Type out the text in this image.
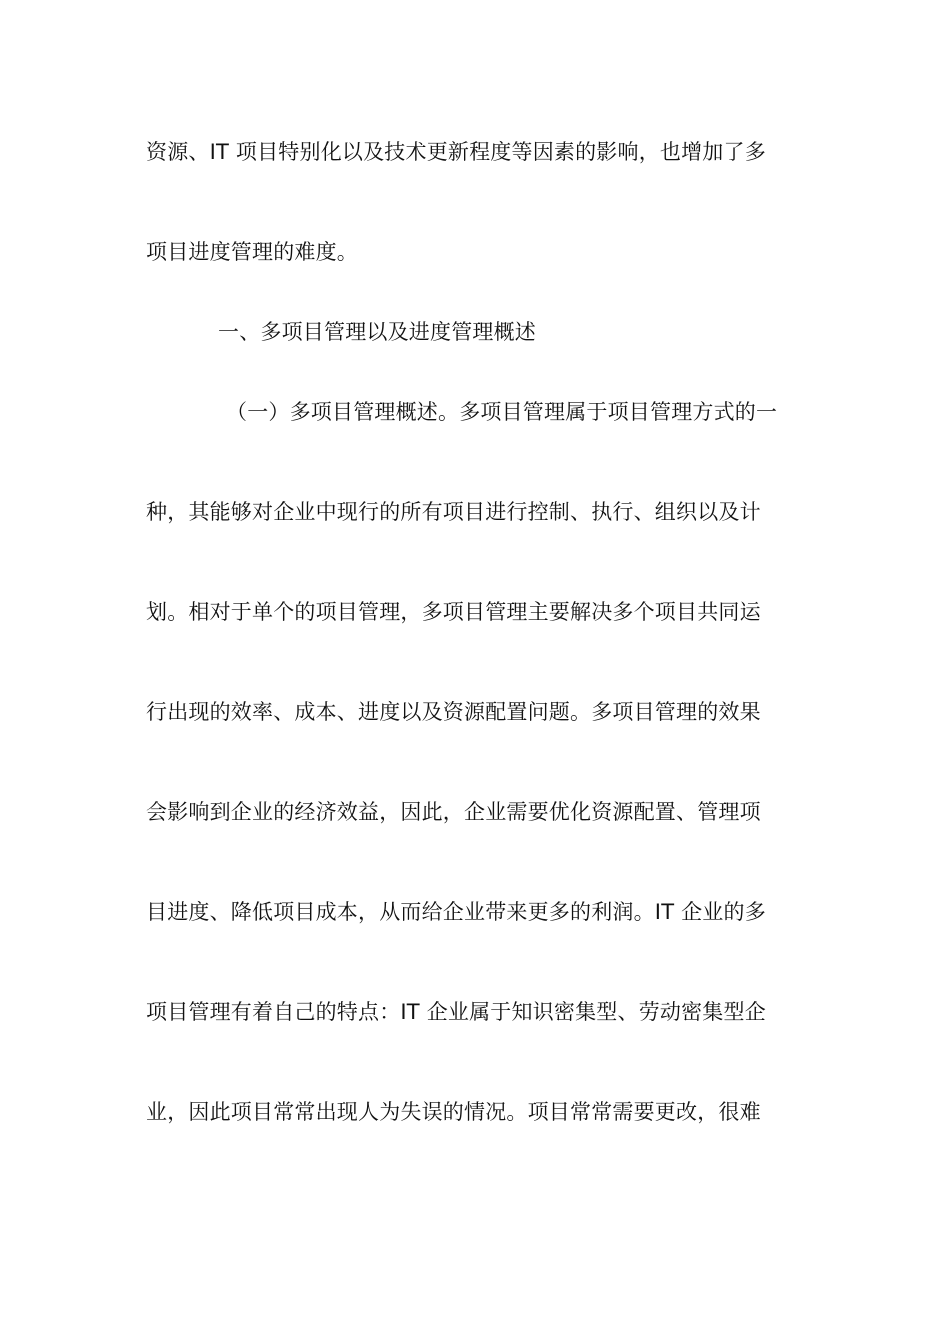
资源、IT 项目特别化以及技术更新程度等因素的影响，也增加了多
项目进度管理的难度。
一、多项目管理以及进度管理概述
（一）多项目管理概述。多项目管理属于项目管理方式的一
种，其能够对企业中现行的所有项目进行控制、执行、组织以及计
划。相对于单个的项目管理，多项目管理主要解决多个项目共同运
行出现的效率、成本、进度以及资源配置问题。多项目管理的效果
会影响到企业的经济效益，因此，企业需要优化资源配置、管理项
目进度、降低项目成本，从而给企业带来更多的利润。IT 企业的多
项目管理有着自己的特点：IT 企业属于知识密集型、劳动密集型企
业，因此项目常常出现人为失误的情况。项目常常需要更改，很难
